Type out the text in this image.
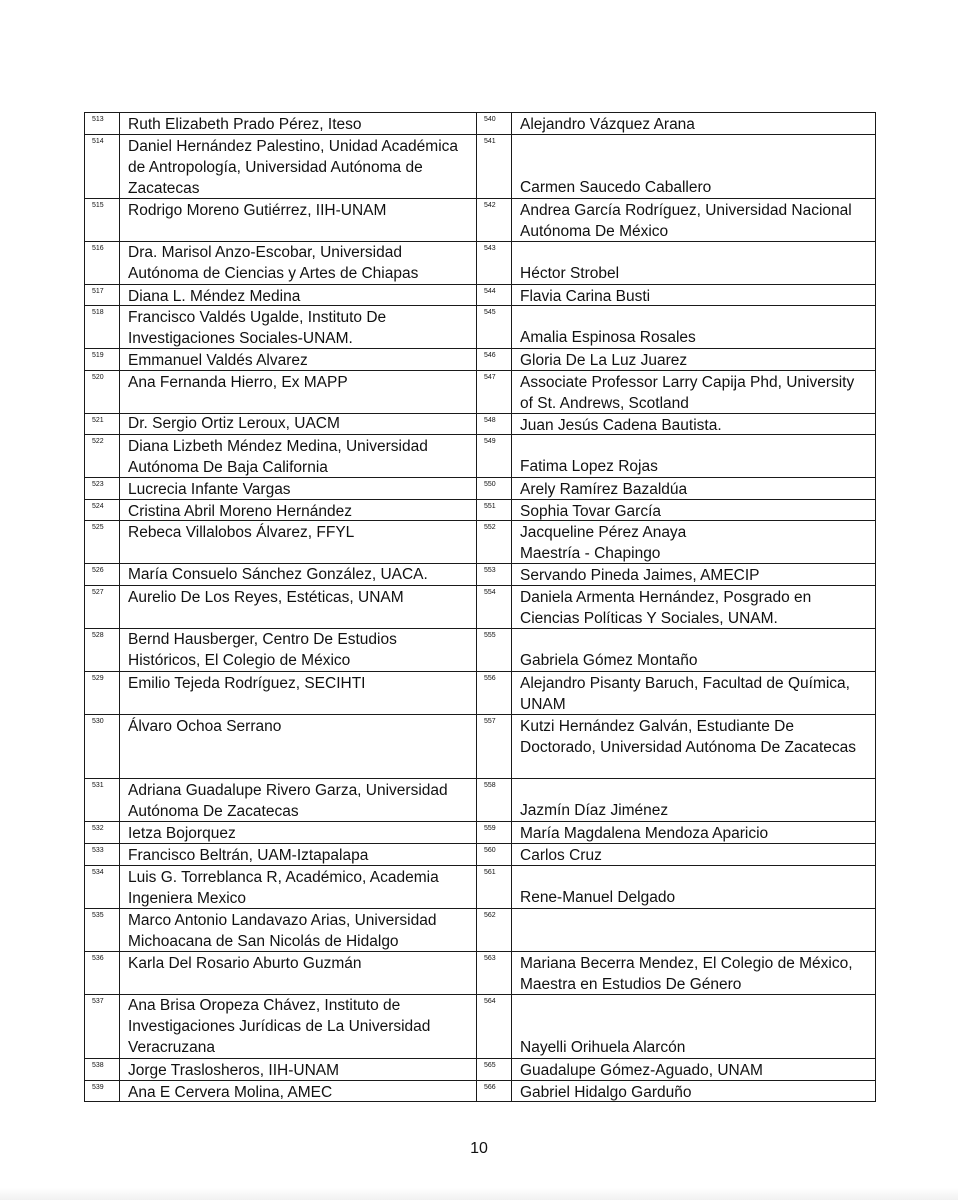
513	Ruth Elizabeth Prado Pérez, Iteso	540	Alejandro Vázquez Arana

514	Daniel Hernández Palestino, Unidad Académica de Antropología, Universidad Autónoma de Zacatecas	541	Carmen Saucedo Caballero

515	Rodrigo Moreno Gutiérrez, IIH-UNAM	542	Andrea García Rodríguez, Universidad Nacional Autónoma De México

516	Dra. Marisol Anzo-Escobar, Universidad Autónoma de Ciencias y Artes de Chiapas	543	Héctor Strobel

517	Diana L. Méndez Medina	544	Flavia Carina Busti

518	Francisco Valdés Ugalde, Instituto De Investigaciones Sociales-UNAM.	545	Amalia Espinosa Rosales

519	Emmanuel Valdés Alvarez	546	Gloria De La Luz Juarez

520	Ana Fernanda Hierro, Ex MAPP	547	Associate Professor Larry Capija Phd, University of St. Andrews, Scotland

521	Dr. Sergio Ortiz Leroux, UACM	548	Juan Jesús Cadena Bautista.

522	Diana Lizbeth Méndez Medina, Universidad Autónoma De Baja California	549	Fatima Lopez Rojas

523	Lucrecia Infante Vargas	550	Arely Ramírez Bazaldúa

524	Cristina Abril Moreno Hernández	551	Sophia Tovar García

525	Rebeca Villalobos Álvarez, FFYL	552	Jacqueline Pérez Anaya
Maestría - Chapingo

526	María Consuelo Sánchez González, UACA.	553	Servando Pineda Jaimes, AMECIP

527	Aurelio De Los Reyes, Estéticas, UNAM	554	Daniela Armenta Hernández, Posgrado en Ciencias Políticas Y Sociales, UNAM.

528	Bernd Hausberger, Centro De Estudios Históricos, El Colegio de México	555	Gabriela Gómez Montaño

529	Emilio Tejeda Rodríguez, SECIHTI	556	Alejandro Pisanty Baruch, Facultad de Química, UNAM

530	Álvaro Ochoa Serrano	557	Kutzi Hernández Galván, Estudiante De Doctorado, Universidad Autónoma De Zacatecas

531	Adriana Guadalupe Rivero Garza, Universidad Autónoma De Zacatecas	558	Jazmín Díaz Jiménez

532	Ietza Bojorquez	559	María Magdalena Mendoza Aparicio

533	Francisco Beltrán, UAM-Iztapalapa	560	Carlos Cruz

534	Luis G. Torreblanca R, Académico, Academia Ingeniera Mexico	561	Rene-Manuel Delgado

535	Marco Antonio Landavazo Arias, Universidad Michoacana de San Nicolás de Hidalgo	562	

536	Karla Del Rosario Aburto Guzmán	563	Mariana Becerra Mendez, El Colegio de México, Maestra en Estudios De Género

537	Ana Brisa Oropeza Chávez, Instituto de Investigaciones Jurídicas de La Universidad Veracruzana	564	Nayelli Orihuela Alarcón

538	Jorge Traslosheros, IIH-UNAM	565	Guadalupe Gómez-Aguado, UNAM

539	Ana E Cervera Molina, AMEC	566	Gabriel Hidalgo Garduño
10
